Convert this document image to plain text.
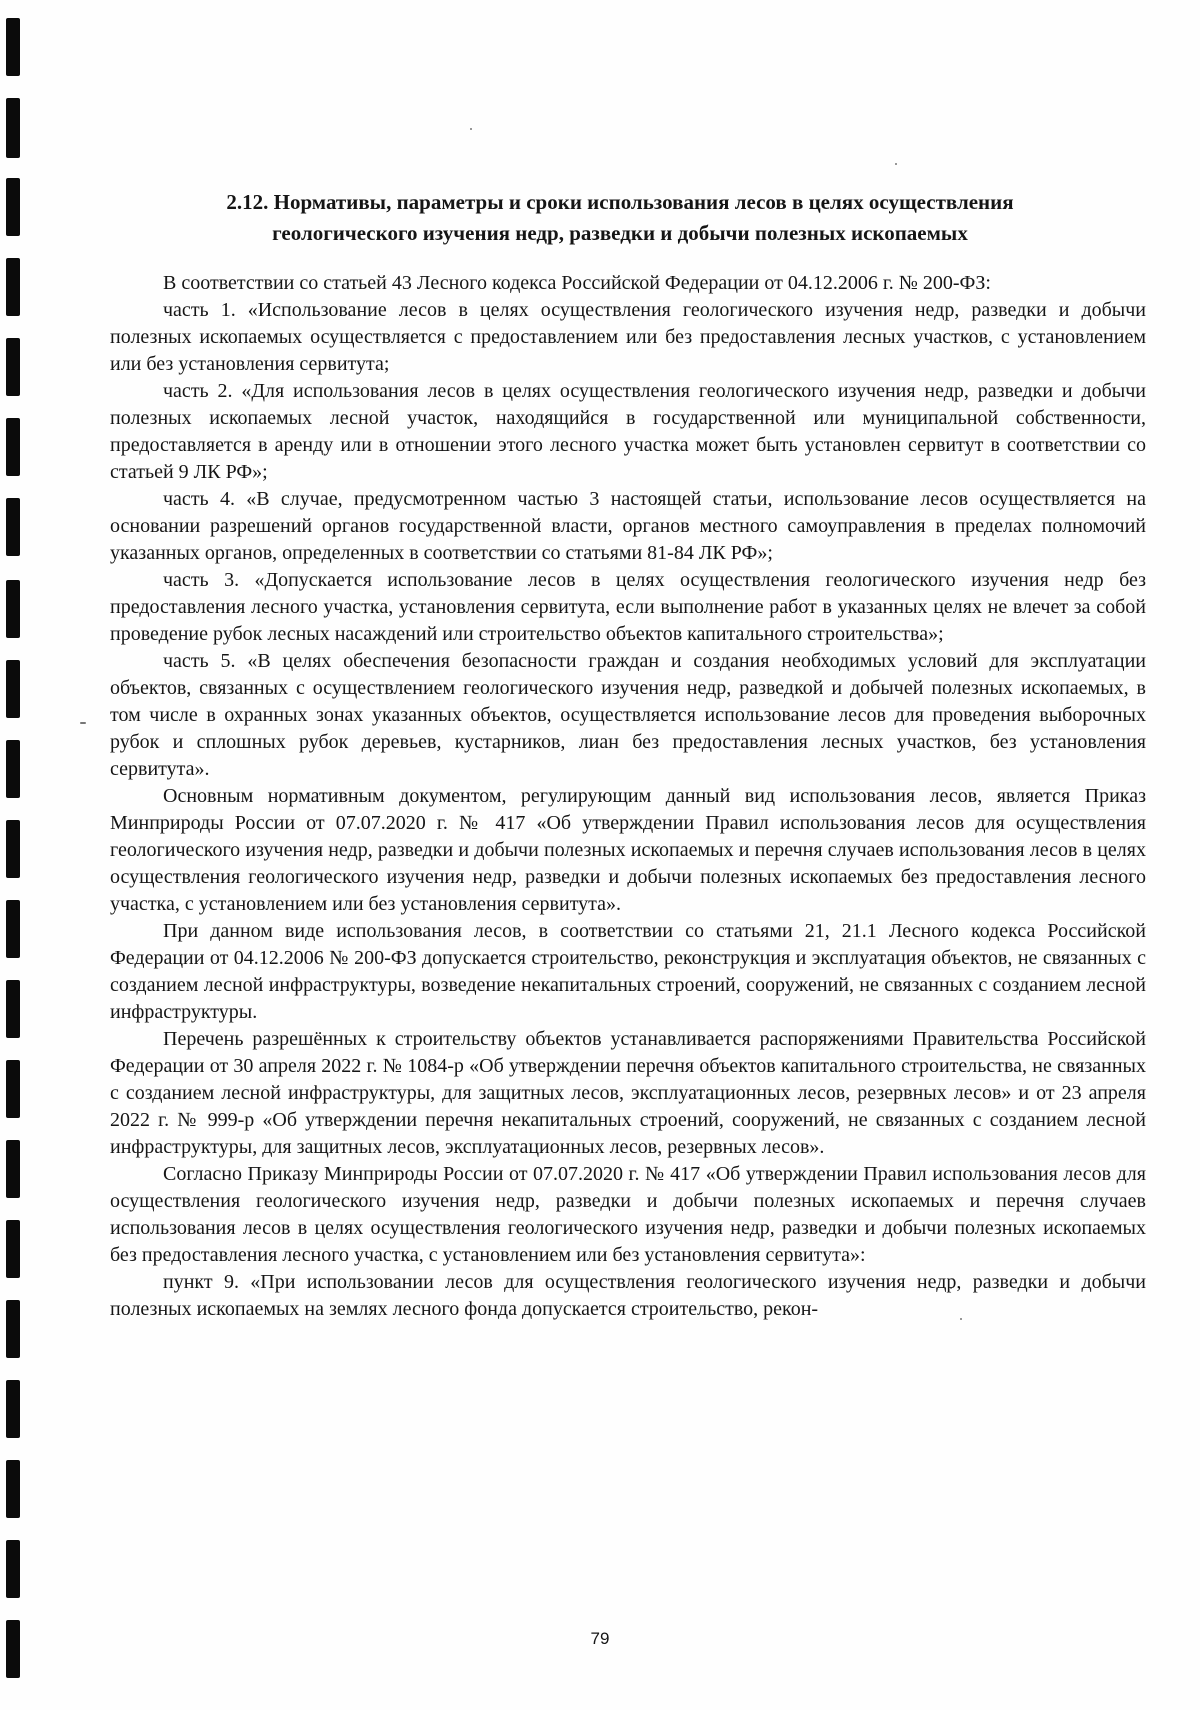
2.12. Нормативы, параметры и сроки использования лесов в целях осуществления

геологического изучения недр, разведки и добычи полезных ископаемых

В соответствии со статьей 43 Лесного кодекса Российской Федерации от 04.12.2006 г. № 200-ФЗ:

часть 1. «Использование лесов в целях осуществления геологического изучения недр, разведки и добычи полезных ископаемых осуществляется с предоставлением или без предоставления лесных участков, с установлением или без установления сервитута;

часть 2. «Для использования лесов в целях осуществления геологического изучения недр, разведки и добычи полезных ископаемых лесной участок, находящийся в государственной или муниципальной собственности, предоставляется в аренду или в отношении этого лесного участка может быть установлен сервитут в соответствии со статьей 9 ЛК РФ»;

часть 4. «В случае, предусмотренном частью 3 настоящей статьи, использование лесов осуществляется на основании разрешений органов государственной власти, органов местного самоуправления в пределах полномочий указанных органов, определенных в соответствии со статьями 81-84 ЛК РФ»;

часть 3. «Допускается использование лесов в целях осуществления геологического изучения недр без предоставления лесного участка, установления сервитута, если выполнение работ в указанных целях не влечет за собой проведение рубок лесных насаждений или строительство объектов капитального строительства»;

часть 5. «В целях обеспечения безопасности граждан и создания необходимых условий для эксплуатации объектов, связанных с осуществлением геологического изучения недр, разведкой и добычей полезных ископаемых, в том числе в охранных зонах указанных объектов, осуществляется использование лесов для проведения выборочных рубок и сплошных рубок деревьев, кустарников, лиан без предоставления лесных участков, без установления сервитута».

Основным нормативным документом, регулирующим данный вид использования лесов, является Приказ Минприроды России от 07.07.2020 г. № 417 «Об утверждении Правил использования лесов для осуществления геологического изучения недр, разведки и добычи полезных ископаемых и перечня случаев использования лесов в целях осуществления геологического изучения недр, разведки и добычи полезных ископаемых без предоставления лесного участка, с установлением или без установления сервитута».

При данном виде использования лесов, в соответствии со статьями 21, 21.1 Лесного кодекса Российской Федерации от 04.12.2006 № 200-ФЗ допускается строительство, реконструкция и эксплуатация объектов, не связанных с созданием лесной инфраструктуры, возведение некапитальных строений, сооружений, не связанных с созданием лесной инфраструктуры.

Перечень разрешённых к строительству объектов устанавливается распоряжениями Правительства Российской Федерации от 30 апреля 2022 г. № 1084-р «Об утверждении перечня объектов капитального строительства, не связанных с созданием лесной инфраструктуры, для защитных лесов, эксплуатационных лесов, резервных лесов» и от 23 апреля 2022 г. № 999-р «Об утверждении перечня некапитальных строений, сооружений, не связанных с созданием лесной инфраструктуры, для защитных лесов, эксплуатационных лесов, резервных лесов».

Согласно Приказу Минприроды России от 07.07.2020 г. № 417 «Об утверждении Правил использования лесов для осуществления геологического изучения недр, разведки и добычи полезных ископаемых и перечня случаев использования лесов в целях осуществления геологического изучения недр, разведки и добычи полезных ископаемых без предоставления лесного участка, с установлением или без установления сервитута»:

пункт 9. «При использовании лесов для осуществления геологического изучения недр, разведки и добычи полезных ископаемых на землях лесного фонда допускается строительство, рекон-

79
